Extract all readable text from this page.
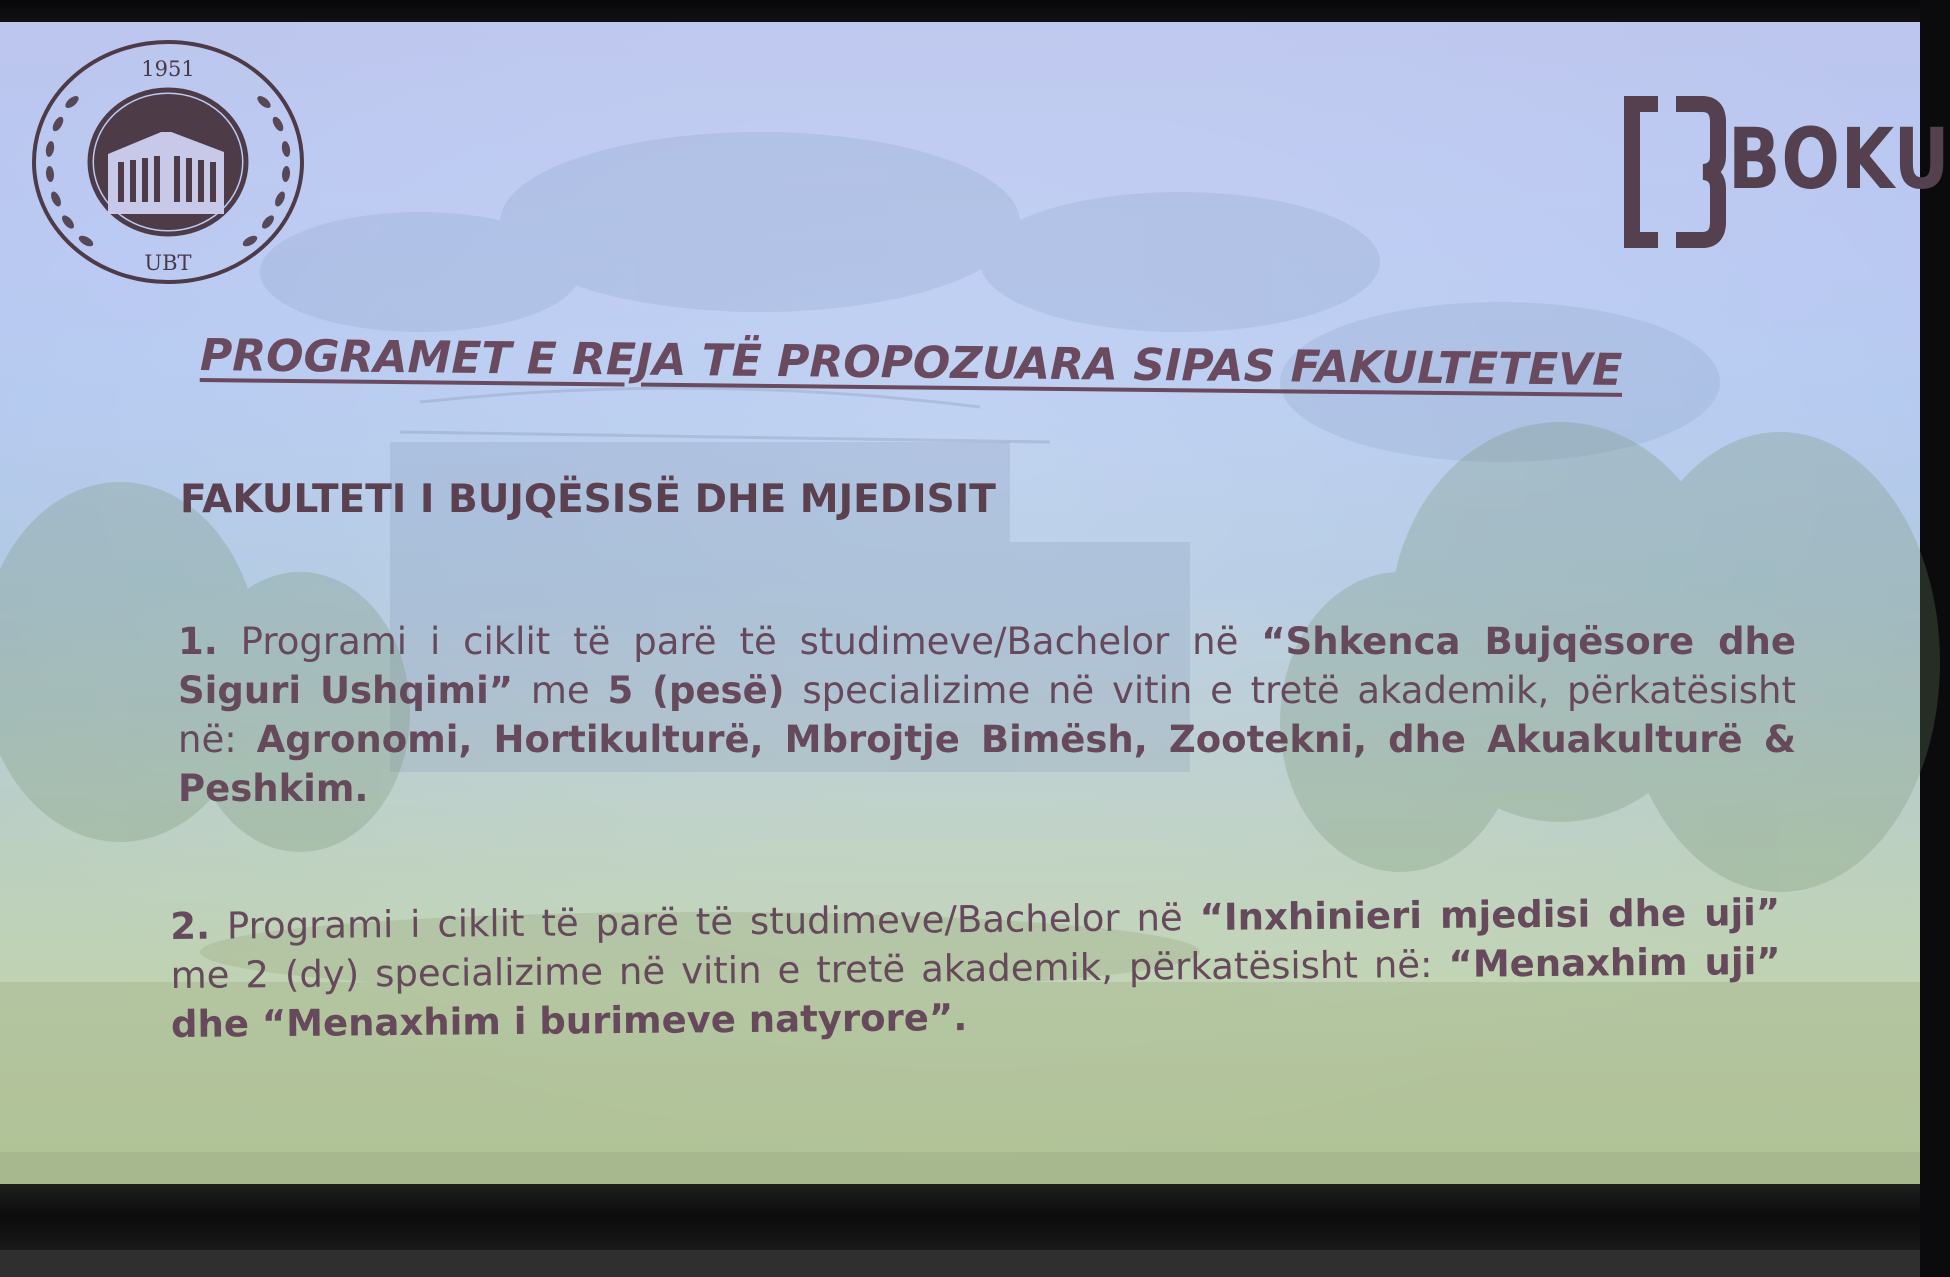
1951
UBT
BOKU
PROGRAMET E REJA TË PROPOZUARA SIPAS FAKULTETEVE
FAKULTETI I BUJQËSISË DHE MJEDISIT
1. Programi i ciklit të parë të studimeve/Bachelor në “Shkenca Bujqësore dhe Siguri Ushqimi” me 5 (pesë) specializime në vitin e tretë akademik, përkatësisht në: Agronomi, Hortikulturë, Mbrojtje Bimësh, Zootekni, dhe Akuakulturë & Peshkim.
2. Programi i ciklit të parë të studimeve/Bachelor në “Inxhinieri mjedisi dhe uji” me 2 (dy) specializime në vitin e tretë akademik, përkatësisht në: “Menaxhim uji” dhe “Menaxhim i burimeve natyrore”.
